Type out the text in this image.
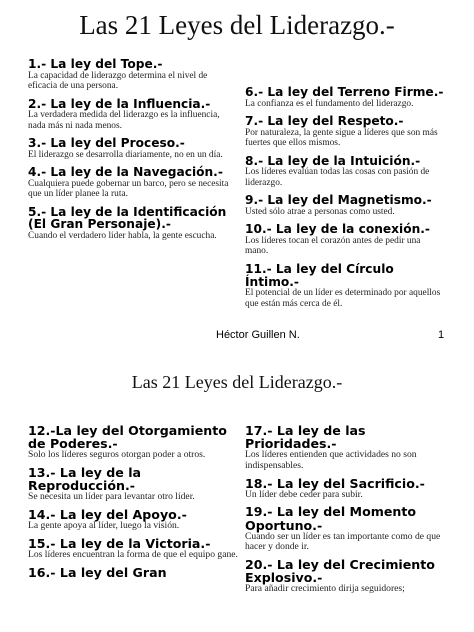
Las 21 Leyes del Liderazgo.-
1.- La ley del Tope.-
La capacidad de liderazgo determina el nivel de eficacia de una persona.
2.- La ley de la Influencia.-
La verdadera medida del liderazgo es la influencia, nada más ni nada menos.
3.- La ley del Proceso.-
El liderazgo se desarrolla diariamente, no en un día.
4.- La ley de la Navegación.-
Cualquiera puede gobernar un barco, pero se necesita que un líder planee la ruta.
5.- La ley de la Identificación (El Gran Personaje).-
Cuando el verdadero líder habla, la gente escucha.
6.- La ley del Terreno Firme.-
La confianza es el fundamento del liderazgo.
7.- La ley del Respeto.-
Por naturaleza, la gente sigue a líderes que son más fuertes que ellos mismos.
8.- La ley de la Intuición.-
Los líderes evalúan todas las cosas con pasión de liderazgo.
9.- La ley del Magnetismo.-
Usted sólo atrae a personas como usted.
10.- La ley de la conexión.-
Los líderes tocan el corazón antes de pedir una mano.
11.- La ley del Círculo Íntimo.-
El potencial de un líder es determinado por aquellos que están más cerca de él.
Héctor Guillen N.	1
Las 21 Leyes del Liderazgo.-
12.-La ley del Otorgamiento de Poderes.-
Solo los líderes seguros otorgan poder a otros.
13.- La ley de la Reproducción.-
Se necesita un líder para levantar otro líder.
14.- La ley del Apoyo.-
La gente apoya al líder, luego la visión.
15.- La ley de la Victoria.-
Los líderes encuentran la forma de que el equipo gane.
16.- La ley del Gran
17.- La ley de las Prioridades.-
Los líderes entienden que actividades no son indispensables.
18.- La ley del Sacrificio.-
Un líder debe ceder para subir.
19.- La ley del Momento Oportuno.-
Cuando ser un líder es tan importante como de que hacer y donde ir.
20.- La ley del Crecimiento Explosivo.-
Para añadir crecimiento dirija seguidores;
